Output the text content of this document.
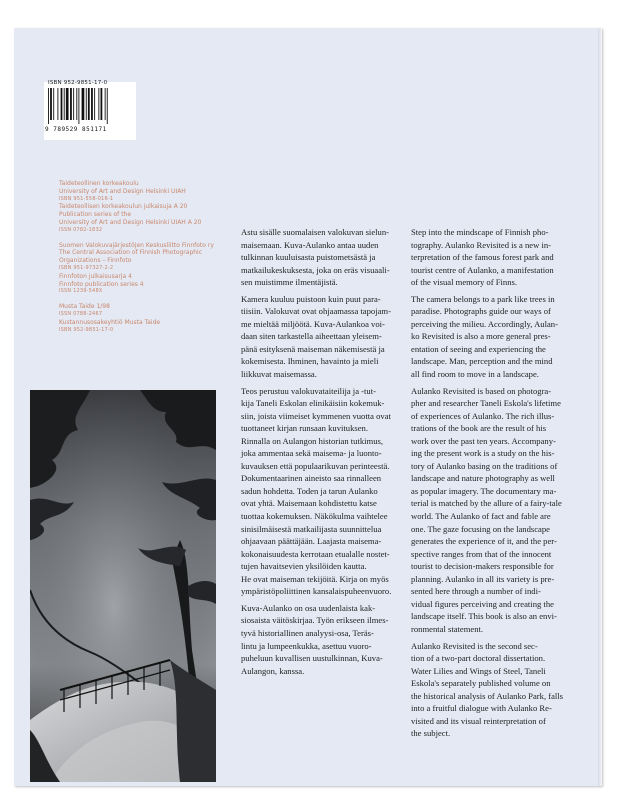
ISBN 952-9851-17-0
9 789529 851171
Taideteollinen korkeakoulu
University of Art and Design Helsinki UIAH
ISBN 951-558-016-1
Taideteollisen korkeakoulun julkaisuja A 20
Publication series of the
University of Art and Design Helsinki UIAH A 20
ISSN 0782-1832
Suomen Valokuvajärjestöjen Keskusliitto Finnfoto ry
The Central Association of Finnish Photographic
Organizations – Finnfoto
ISBN 951-97327-2-2
Finnfoton julkaisusarja 4
Finnfoto publication series 4
ISSN 1239-548X
Musta Taide 1/98
ISSN 0788-2467
Kustannusosakeyhtiö Musta Taide
ISBN 952-9851-17-0
Astu sisälle suomalaisen valokuvan sielun-
maisemaan. Kuva-Aulanko antaa uuden
tulkinnan kuuluisasta puistometsästä ja
matkailukeskuksesta, joka on eräs visuaali-
sen muistimme ilmentäjistä.
Kamera kuuluu puistoon kuin puut para-
tiisiin. Valokuvat ovat ohjaamassa tapojam-
me mieltää miljöötä. Kuva-Aulankoa voi-
daan siten tarkastella aiheettaan yleisem-
pänä esityksenä maiseman näkemisestä ja
kokemisesta. Ihminen, havainto ja mieli
liikkuvat maisemassa.
Teos perustuu valokuvataiteilija ja -tut-
kija Taneli Eskolan elinikäisiin kokemuk-
siin, joista viimeiset kymmenen vuotta ovat
tuottaneet kirjan runsaan kuvituksen.
Rinnalla on Aulangon historian tutkimus,
joka ammentaa sekä maisema- ja luonto-
kuvauksen että populaarikuvan perinteestä.
Dokumentaarinen aineisto saa rinnalleen
sadun hohdetta. Toden ja tarun Aulanko
ovat yhtä. Maisemaan kohdistettu katse
tuottaa kokemuksen. Näkökulma vaihtelee
sinisilmäisestä matkailijasta suunnittelua
ohjaavaan päättäjään. Laajasta maisema-
kokonaisuudesta kerrotaan etualalle nostet-
tujen havaitsevien yksilöiden kautta.
He ovat maiseman tekijöitä. Kirja on myös
ympäristöpoliittinen kansalaispuheenvuoro.
Kuva-Aulanko on osa uudenlaista kak-
siosaista väitöskirjaa. Työn erikseen ilmes-
tyvä historiallinen analyysi-osa, Teräs-
lintu ja lumpeenkukka, asettuu vuoro-
puheluun kuvallisen uustulkinnan, Kuva-
Aulangon, kanssa.
Step into the mindscape of Finnish pho-
tography. Aulanko Revisited is a new in-
terpretation of the famous forest park and
tourist centre of Aulanko, a manifestation
of the visual memory of Finns.
The camera belongs to a park like trees in
paradise. Photographs guide our ways of
perceiving the milieu. Accordingly, Aulan-
ko Revisited is also a more general pres-
entation of seeing and experiencing the
landscape. Man, perception and the mind
all find room to move in a landscape.
Aulanko Revisited is based on photogra-
pher and researcher Taneli Eskola's lifetime
of experiences of Aulanko. The rich illus-
trations of the book are the result of his
work over the past ten years. Accompany-
ing the present work is a study on the his-
tory of Aulanko basing on the traditions of
landscape and nature photography as well
as popular imagery. The documentary ma-
terial is matched by the allure of a fairy-tale
world. The Aulanko of fact and fable are
one. The gaze focusing on the landscape
generates the experience of it, and the per-
spective ranges from that of the innocent
tourist to decision-makers responsible for
planning. Aulanko in all its variety is pre-
sented here through a number of indi-
vidual figures perceiving and creating the
landscape itself. This book is also an envi-
ronmental statement.
Aulanko Revisited is the second sec-
tion of a two-part doctoral dissertation.
Water Lilies and Wings of Steel, Taneli
Eskola's separately published volume on
the historical analysis of Aulanko Park, falls
into a fruitful dialogue with Aulanko Re-
visited and its visual reinterpretation of
the subject.
